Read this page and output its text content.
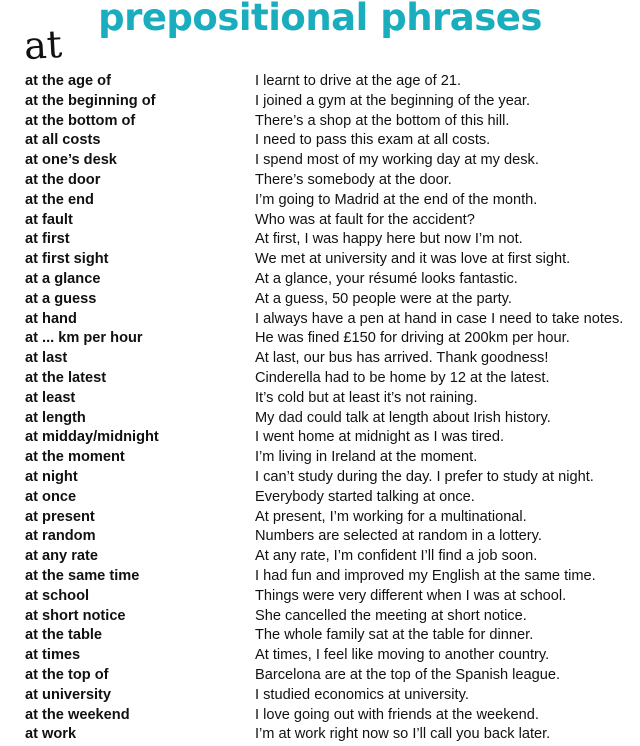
prepositional phrases
at
at the age of	I learnt to drive at the age of 21.
at the beginning of	I joined a gym at the beginning of the year.
at the bottom of	There’s a shop at the bottom of this hill.
at all costs	I need to pass this exam at all costs.
at one’s desk	I spend most of my working day at my desk.
at the door	There’s somebody at the door.
at the end	I’m going to Madrid at the end of the month.
at fault	Who was at fault for the accident?
at first	At first, I was happy here but now I’m not.
at first sight	We met at university and it was love at first sight.
at a glance	At a glance, your résumé looks fantastic.
at a guess	At a guess, 50 people were at the party.
at hand	I always have a pen at hand in case I need to take notes.
at ... km per hour	He was fined £150 for driving at 200km per hour.
at last	At last, our bus has arrived. Thank goodness!
at the latest	Cinderella had to be home by 12 at the latest.
at least	It’s cold but at least it’s not raining.
at length	My dad could talk at length about Irish history.
at midday/midnight	I went home at midnight as I was tired.
at the moment	I’m living in Ireland at the moment.
at night	I can’t study during the day. I prefer to study at night.
at once	Everybody started talking at once.
at present	At present, I’m working for a multinational.
at random	Numbers are selected at random in a lottery.
at any rate	At any rate, I’m confident I’ll find a job soon.
at the same time	I had fun and improved my English at the same time.
at school	Things were very different when I was at school.
at short notice	She cancelled the meeting at short notice.
at the table	The whole family sat at the table for dinner.
at times	At times, I feel like moving to another country.
at the top of	Barcelona are at the top of the Spanish league.
at university	I studied economics at university.
at the weekend	I love going out with friends at the weekend.
at work	I’m at work right now so I’ll call you back later.
